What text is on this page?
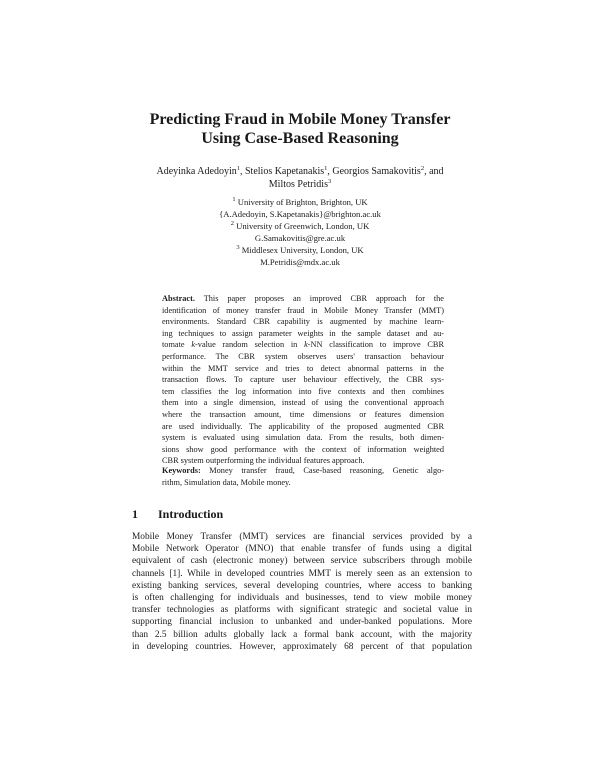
Predicting Fraud in Mobile Money Transfer
Using Case-Based Reasoning
Adeyinka Adedoyin$^1$, Stelios Kapetanakis$^1$, Georgios Samakovitis$^2$, and
Miltos Petridis$^3$
$^1$ University of Brighton, Brighton, UK
{A.Adedoyin, S.Kapetanakis}@brighton.ac.uk
$^2$ University of Greenwich, London, UK
G.Samakovitis@gre.ac.uk
$^3$ Middlesex University, London, UK
M.Petridis@mdx.ac.uk
Abstract. This paper proposes an improved CBR approach for the
identification of money transfer fraud in Mobile Money Transfer (MMT)
environments. Standard CBR capability is augmented by machine learn-
ing techniques to assign parameter weights in the sample dataset and au-
tomate k-value random selection in k-NN classification to improve CBR
performance. The CBR system observes users' transaction behaviour
within the MMT service and tries to detect abnormal patterns in the
transaction flows. To capture user behaviour effectively, the CBR sys-
tem classifies the log information into five contexts and then combines
them into a single dimension, instead of using the conventional approach
where the transaction amount, time dimensions or features dimension
are used individually. The applicability of the proposed augmented CBR
system is evaluated using simulation data. From the results, both dimen-
sions show good performance with the context of information weighted
CBR system outperforming the individual features approach.
Keywords: Money transfer fraud, Case-based reasoning, Genetic algo-
rithm, Simulation data, Mobile money.
1 Introduction
Mobile Money Transfer (MMT) services are financial services provided by a
Mobile Network Operator (MNO) that enable transfer of funds using a digital
equivalent of cash (electronic money) between service subscribers through mobile
channels [1]. While in developed countries MMT is merely seen as an extension to
existing banking services, several developing countries, where access to banking
is often challenging for individuals and businesses, tend to view mobile money
transfer technologies as platforms with significant strategic and societal value in
supporting financial inclusion to unbanked and under-banked populations. More
than 2.5 billion adults globally lack a formal bank account, with the majority
in developing countries. However, approximately 68 percent of that population
